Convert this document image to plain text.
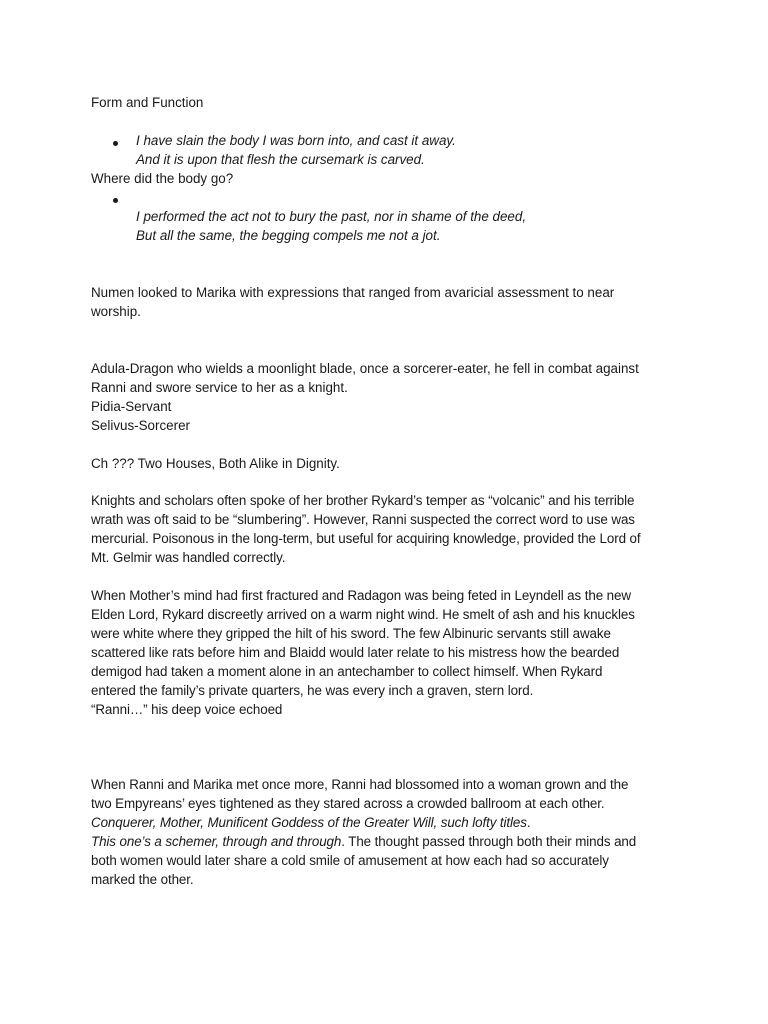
Form and Function
I have slain the body I was born into, and cast it away.
And it is upon that flesh the cursemark is carved.
Where did the body go?
I performed the act not to bury the past, nor in shame of the deed,
But all the same, the begging compels me not a jot.
Numen looked to Marika with expressions that ranged from avaricial assessment to near
worship.
Adula-Dragon who wields a moonlight blade, once a sorcerer-eater, he fell in combat against
Ranni and swore service to her as a knight.
Pidia-Servant
Selivus-Sorcerer
Ch ??? Two Houses, Both Alike in Dignity.
Knights and scholars often spoke of her brother Rykard’s temper as “volcanic” and his terrible
wrath was oft said to be “slumbering”. However, Ranni suspected the correct word to use was
mercurial. Poisonous in the long-term, but useful for acquiring knowledge, provided the Lord of
Mt. Gelmir was handled correctly.
When Mother’s mind had first fractured and Radagon was being feted in Leyndell as the new
Elden Lord, Rykard discreetly arrived on a warm night wind. He smelt of ash and his knuckles
were white where they gripped the hilt of his sword. The few Albinuric servants still awake
scattered like rats before him and Blaidd would later relate to his mistress how the bearded
demigod had taken a moment alone in an antechamber to collect himself. When Rykard
entered the family’s private quarters, he was every inch a graven, stern lord.
“Ranni…” his deep voice echoed
When Ranni and Marika met once more, Ranni had blossomed into a woman grown and the
two Empyreans’ eyes tightened as they stared across a crowded ballroom at each other.
Conquerer, Mother, Munificent Goddess of the Greater Will, such lofty titles.
This one’s a schemer, through and through. The thought passed through both their minds and
both women would later share a cold smile of amusement at how each had so accurately
marked the other.
